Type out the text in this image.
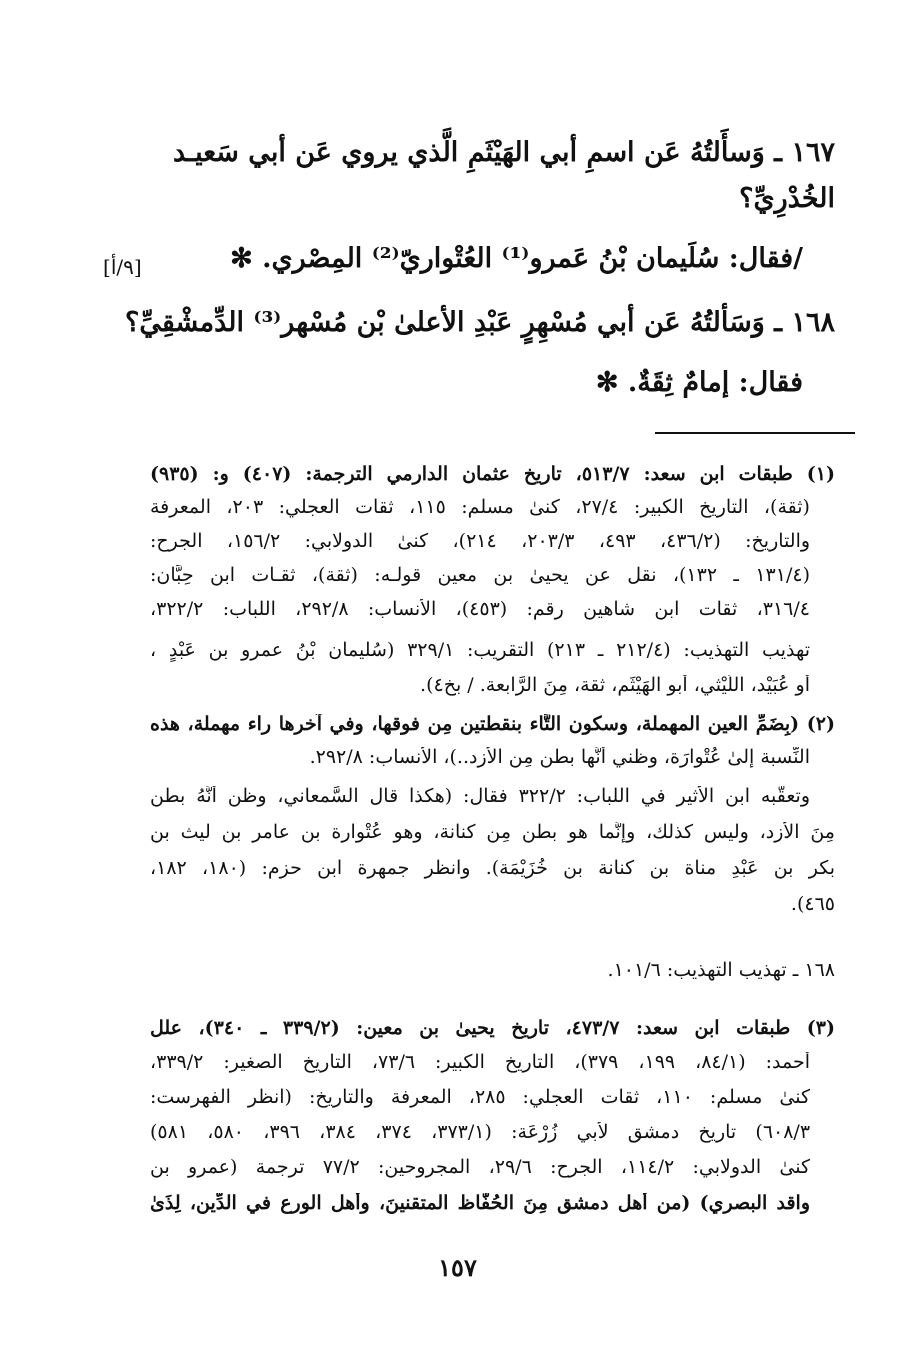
١٦٧ ـ وَسأَلتُهُ عَن اسمِ أبي الهَيْثَمِ الَّذي يروي عَن أبي سَعيـد
الخُدْرِيِّ؟
/فقال: سُلَيمان بْنُ عَمرو⁽¹⁾ العُتْواريّ⁽²⁾ المِصْري. ✻
[٩/أ]
١٦٨ ـ وَسَألتُهُ عَن أبي مُسْهِرٍ عَبْدِ الأعلىٰ بْن مُسْهر⁽³⁾ الدِّمشْقِيِّ؟
فقال: إمامٌ ثِقَةٌ. ✻
(١) طبقات ابن سعد: ٥١٣/٧، تاريخ عثمان الدارمي الترجمة: (٤٠٧) و: (٩٣٥)
(ثقة)، التاريخ الكبير: ٢٧/٤، كنىٰ مسلم: ١١٥، ثقات العجلي: ٢٠٣، المعرفة
والتاريخ: (٤٣٦/٢، ٤٩٣، ٢٠٣/٣، ٢١٤)، كنىٰ الدولابي: ١٥٦/٢، الجرح:
(١٣١/٤ ـ ١٣٢)، نقل عن يحيىٰ بن معين قولـه: (ثقة)، ثقـات ابن حِبَّان:
٣١٦/٤، ثقات ابن شاهين رقم: (٤٥٣)، الأنساب: ٢٩٢/٨، اللباب: ٣٢٢/٢،
تهذيب التهذيب: (٢١٢/٤ ـ ٢١٣) التقريب: ٣٢٩/١ (سُليمان بْنُ عمرو بن عَبْدٍ ،
أو عُبَيْد، اللَّيْثي، أبو الهَيْثَم، ثقة، مِنَ الرَّابعة. / بخ٤).
(٢) (بِضَمِّ العين المهملة، وسكون التَّاء بنقطتين مِن فوقها، وفي آخرها راء مهملة، هذه
النِّسبة إلىٰ عُتْوارَة، وظني أنَّها بطن مِن الأزد..)، الأنساب: ٢٩٢/٨.
وتعقَّبه ابن الأثير في اللباب: ٣٢٢/٢ فقال: (هكذا قال السَّمعاني، وظن أنَّهُ بطن
مِنَ الأزد، وليس كذلك، وإنَّما هو بطن مِن كنانة، وهو عُتْوارة بن عامر بن ليث بن
بكر بن عَبْدِ مناة بن كنانة بن خُزَيْمَة). وانظر جمهرة ابن حزم: (١٨٠، ١٨٢،
٤٦٥).
١٦٨ ـ تهذيب التهذيب: ١٠١/٦.
(٣) طبقات ابن سعد: ٤٧٣/٧، تاريخ يحيىٰ بن معين: (٣٣٩/٢ ـ ٣٤٠)، علل
أحمد: (٨٤/١، ١٩٩، ٣٧٩)، التاريخ الكبير: ٧٣/٦، التاريخ الصغير: ٣٣٩/٢،
كنىٰ مسلم: ١١٠، ثقات العجلي: ٢٨٥، المعرفة والتاريخ: (انظر الفهرست:
٦٠٨/٣) تاريخ دمشق لأبي زُرْعَة: (٣٧٣/١، ٣٧٤، ٣٨٤، ٣٩٦، ٥٨٠، ٥٨١)
كنىٰ الدولابي: ١١٤/٢، الجرح: ٢٩/٦، المجروحين: ٧٧/٢ ترجمة (عمرو بن
واقد البصري) (من أهل دمشق مِنَ الحُفَّاظ المتقنينَ، وأهل الورع في الدِّين، لِذَیٰ
١٥٧
